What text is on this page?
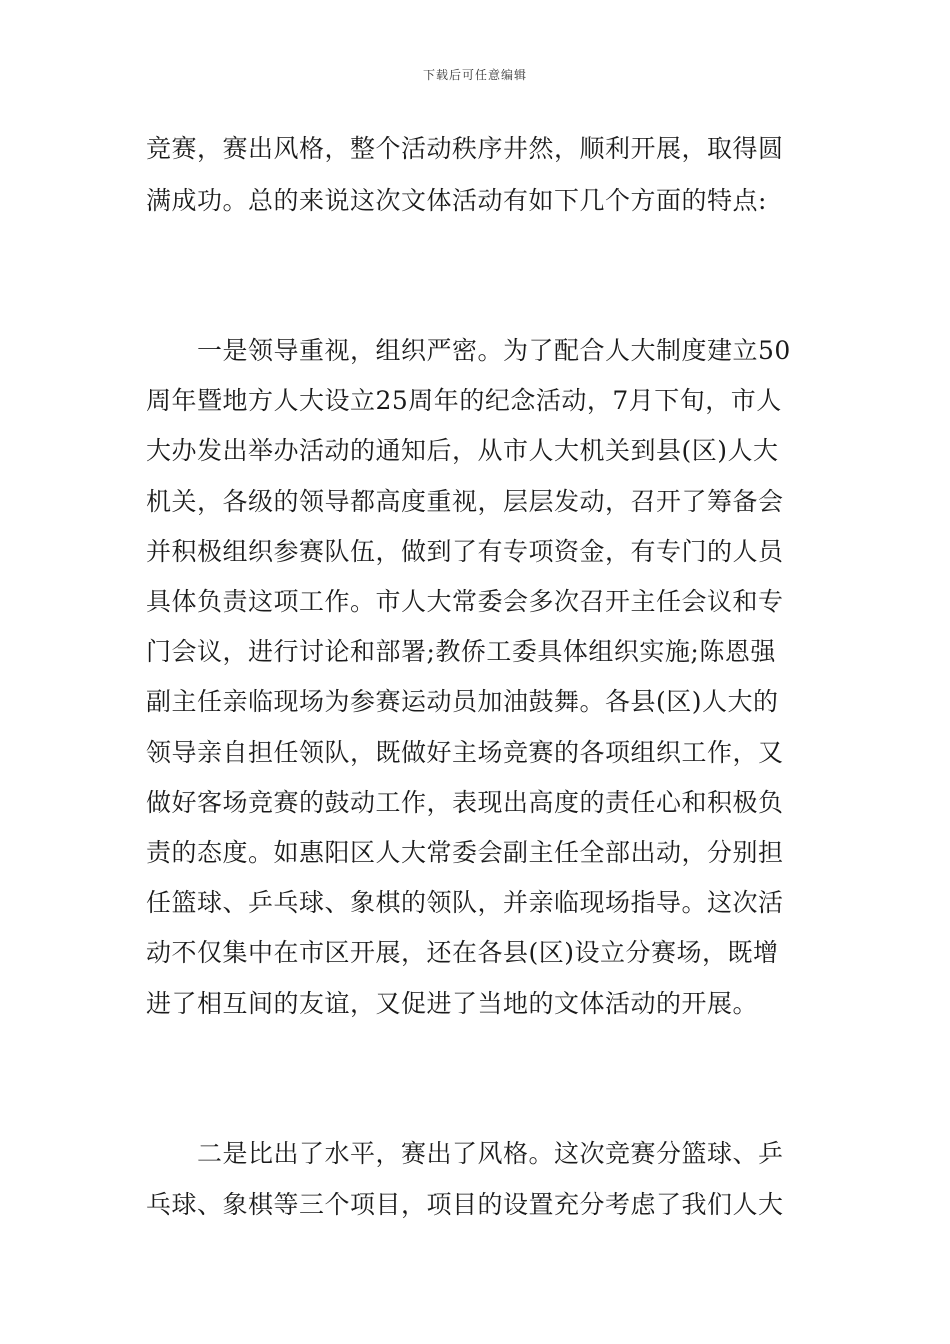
下载后可任意编辑
竞赛，赛出风格，整个活动秩序井然，顺利开展，取得圆
满成功。总的来说这次文体活动有如下几个方面的特点:
　　一是领导重视，组织严密。为了配合人大制度建立50
周年暨地方人大设立25周年的纪念活动，7月下旬，市人
大办发出举办活动的通知后，从市人大机关到县(区)人大
机关，各级的领导都高度重视，层层发动，召开了筹备会
并积极组织参赛队伍，做到了有专项资金，有专门的人员
具体负责这项工作。市人大常委会多次召开主任会议和专
门会议，进行讨论和部署;教侨工委具体组织实施;陈恩强
副主任亲临现场为参赛运动员加油鼓舞。各县(区)人大的
领导亲自担任领队，既做好主场竞赛的各项组织工作，又
做好客场竞赛的鼓动工作，表现出高度的责任心和积极负
责的态度。如惠阳区人大常委会副主任全部出动，分别担
任篮球、乒乓球、象棋的领队，并亲临现场指导。这次活
动不仅集中在市区开展，还在各县(区)设立分赛场，既增
进了相互间的友谊，又促进了当地的文体活动的开展。
　　二是比出了水平，赛出了风格。这次竞赛分篮球、乒
乓球、象棋等三个项目，项目的设置充分考虑了我们人大
